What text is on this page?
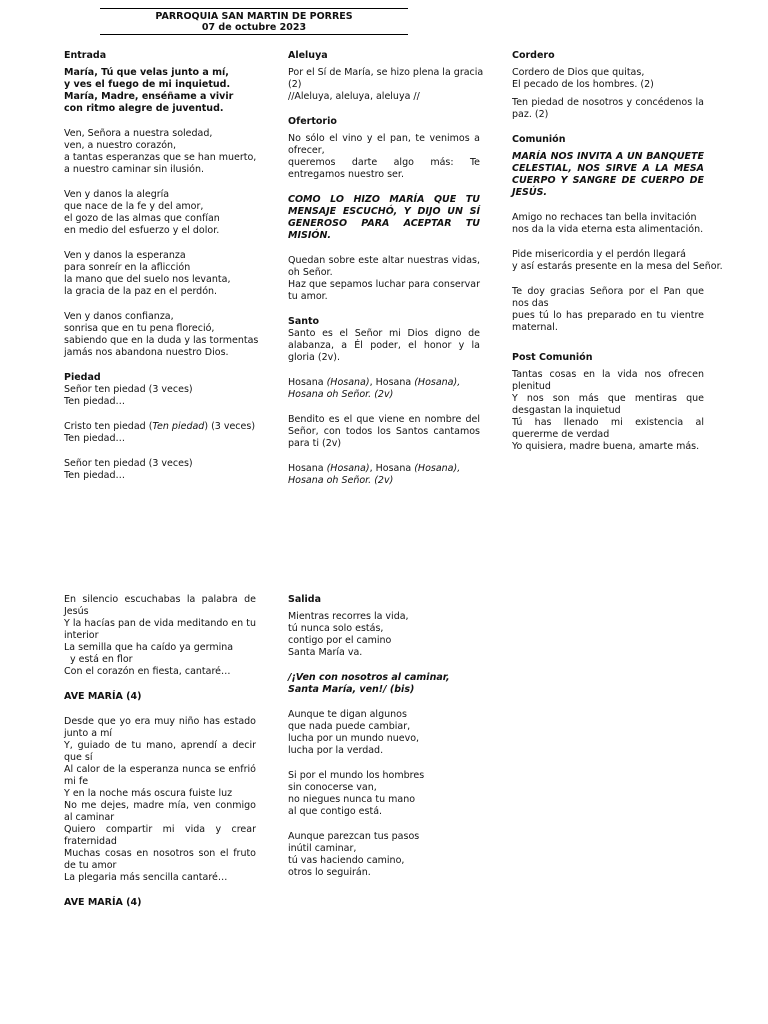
PARROQUIA SAN MARTIN DE PORRES
07 de octubre 2023
Entrada
María, Tú que velas junto a mí,
y ves el fuego de mi inquietud.
María, Madre, enséñame a vivir
con ritmo alegre de juventud.
Ven, Señora a nuestra soledad,
ven, a nuestro corazón,
a tantas esperanzas que se han muerto,
a nuestro caminar sin ilusión.
Ven y danos la alegría
que nace de la fe y del amor,
el gozo de las almas que confían
en medio del esfuerzo y el dolor.
Ven y danos la esperanza
para sonreír en la aflicción
la mano que del suelo nos levanta,
la gracia de la paz en el perdón.
Ven y danos confianza,
sonrisa que en tu pena floreció,
sabiendo que en la duda y las tormentas
jamás nos abandona nuestro Dios.
Piedad
Señor ten piedad (3 veces)
Ten piedad…
Cristo ten piedad (Ten piedad) (3 veces)
Ten piedad…
Señor ten piedad (3 veces)
Ten piedad…
Aleluya
Por el Sí de María, se hizo plena la gracia
(2)
//Aleluya, aleluya, aleluya //
Ofertorio
No sólo el vino y el pan, te venimos a ofrecer,
queremos darte algo más: Te entregamos nuestro ser.
COMO LO HIZO MARÍA QUE TU MENSAJE ESCUCHÓ, Y DIJO UN SÍ GENEROSO PARA ACEPTAR TU MISIÓN.
Quedan sobre este altar nuestras vidas, oh Señor.
Haz que sepamos luchar para conservar tu amor.
Santo
Santo es el Señor mi Dios digno de alabanza, a Él poder, el honor y la gloria (2v).
Hosana (Hosana), Hosana (Hosana),
Hosana oh Señor. (2v)
Bendito es el que viene en nombre del Señor, con todos los Santos cantamos para ti (2v)
Hosana (Hosana), Hosana (Hosana),
Hosana oh Señor. (2v)
Cordero
Cordero de Dios que quitas,
El pecado de los hombres. (2)
Ten piedad de nosotros y concédenos la paz. (2)
Comunión
MARÍA NOS INVITA A UN BANQUETE CELESTIAL, NOS SIRVE A LA MESA CUERPO Y SANGRE DE CUERPO DE JESÚS.
Amigo no rechaces tan bella invitación
nos da la vida eterna esta alimentación.
Pide misericordia y el perdón llegará
y así estarás presente en la mesa del Señor.
Te doy gracias Señora por el Pan que nos das
pues tú lo has preparado en tu vientre maternal.
Post Comunión
Tantas cosas en la vida nos ofrecen plenitud
Y nos son más que mentiras que desgastan la inquietud
Tú has llenado mi existencia al quererme de verdad
Yo quisiera, madre buena, amarte más.
En silencio escuchabas la palabra de Jesús
Y la hacías pan de vida meditando en tu interior
La semilla que ha caído ya germina
y está en flor
Con el corazón en fiesta, cantaré…
AVE MARÍA (4)
Desde que yo era muy niño has estado junto a mí
Y, guiado de tu mano, aprendí a decir que sí
Al calor de la esperanza nunca se enfrió mi fe
Y en la noche más oscura fuiste luz
No me dejes, madre mía, ven conmigo al caminar
Quiero compartir mi vida y crear fraternidad
Muchas cosas en nosotros son el fruto de tu amor
La plegaria más sencilla cantaré…
AVE MARÍA (4)
Salida
Mientras recorres la vida,
tú nunca solo estás,
contigo por el camino
Santa María va.
/¡Ven con nosotros al caminar,
Santa María, ven!/ (bis)
Aunque te digan algunos
que nada puede cambiar,
lucha por un mundo nuevo,
lucha por la verdad.
Si por el mundo los hombres
sin conocerse van,
no niegues nunca tu mano
al que contigo está.
Aunque parezcan tus pasos
inútil caminar,
tú vas haciendo camino,
otros lo seguirán.
